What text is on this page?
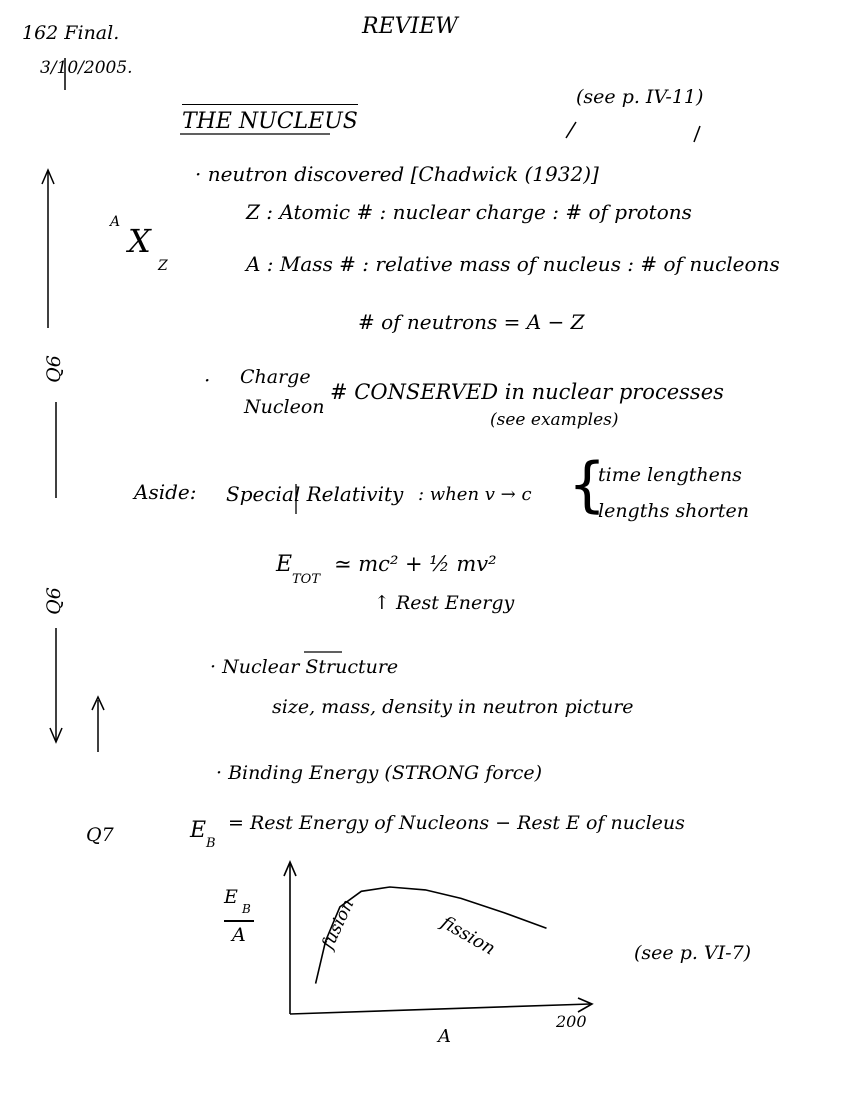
162 Final.
3/10/2005.
REVIEW
THE NUCLEUS
(see p. IV-11)
· neutron discovered [Chadwick (1932)]
A X
Z
Z : Atomic # : nuclear charge : # of protons
A : Mass # : relative mass of nucleus : # of nucleons
# of neutrons = A − Z
· Charge
Nucleon
# CONSERVED in nuclear processes
(see examples)
Aside: Special Relativity : when v → c {
time lengthens
lengths shorten
E
TOT
≃ mc² + ½ mv²
↑ Rest Energy
· Nuclear Structure
size, mass, density in neutron picture
· Binding Energy (STRONG force)
Q7	E
B
= Rest Energy of Nucleons − Rest E of nucleus
Q6
Q6
E
B
A
A
200
fusion	fission	(see p. VI-7)
